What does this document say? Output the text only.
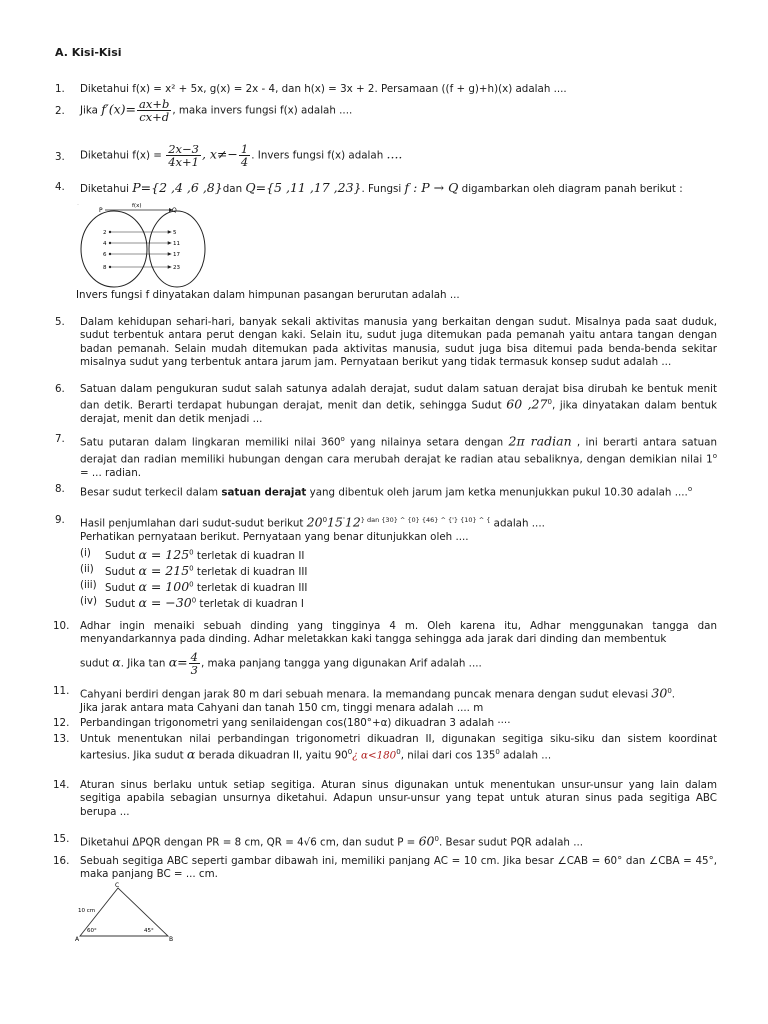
A. Kisi-Kisi
1. Diketahui f(x) = x² + 5x, g(x) = 2x - 4, dan h(x) = 3x + 2. Persamaan ((f + g)+h)(x) adalah ....
2. Jika $f'(x)= \frac{ax+b}{cx+d}$ , maka invers fungsi f(x) adalah ....
3. Diketahui $f(x) = \frac{2x-3}{4x+1}$ , $x\ne- \frac{1}{4}$ . Invers fungsi f(x) adalah ....
4. Diketahui P={2 ,4 ,6 ,8}dan Q={5 ,11 ,17 ,23}. Fungsi f : P → Q digambarkan oleh diagram panah berikut :
··
P
f(x)
Q
2
4
6
8
5
11
17
23
Invers fungsi f dinyatakan dalam himpunan pasangan berurutan adalah ...
5. Dalam kehidupan sehari-hari, banyak sekali aktivitas manusia yang berkaitan dengan sudut. Misalnya pada saat duduk, sudut terbentuk antara perut dengan kaki. Selain itu, sudut juga ditemukan pada pemanah yaitu antara tangan dengan badan pemanah. Selain mudah ditemukan pada aktivitas manusia, sudut juga bisa ditemui pada benda-benda sekitar misalnya sudut yang terbentuk antara jarum jam. Pernyataan berikut yang tidak termasuk konsep sudut adalah ...
6. Satuan dalam pengukuran sudut salah satunya adalah derajat, sudut dalam satuan derajat bisa dirubah ke bentuk menit dan detik. Berarti terdapat hubungan derajat, menit dan detik, sehingga Sudut 60 $,27^0$, jika dinyatakan dalam bentuk derajat, menit dan detik menjadi ...
7. Satu putaran dalam lingkaran memiliki nilai 360$^o$ yang nilainya setara dengan 2π radian , ini berarti antara satuan derajat dan radian memiliki hubungan dengan cara merubah derajat ke radian atau sebaliknya, dengan demikian nilai $1^o$ = ... radian.
8. Besar sudut terkecil dalam satuan derajat yang dibentuk oleh jarum jam ketka menunjukkan pukul 10.30 adalah ....$^o$
9. Hasil penjumlahan dari sudut-sudut berikut $20^015'12^{\} dan \{30\} \^{} \{0\} \{46\} \^{} \{'\} \{10\} \^{} \{}$ adalah ....
Perhatikan pernyataan berikut. Pernyataan yang benar ditunjukkan oleh ....
(i) Sudut $\alpha = 125^0$ terletak di kuadran II
(ii) Sudut $\alpha = 215^0$ terletak di kuadran III
(iii) Sudut $\alpha = 100^0$ terletak di kuadran III
(iv) Sudut $\alpha = -30^0$ terletak di kuadran I
10. Adhar ingin menaiki sebuah dinding yang tingginya 4 m. Oleh karena itu, Adhar menggunakan tangga dan menyandarkannya pada dinding. Adhar meletakkan kaki tangga sehingga ada jarak dari dinding dan membentuk
sudut α. Jika $\tan \alpha= \frac{4}{3}$ , maka panjang tangga yang digunakan Arif adalah ....
11. Cahyani berdiri dengan jarak 80 m dari sebuah menara. Ia memandang puncak menara dengan sudut elevasi $30^0$.
Jika jarak antara mata Cahyani dan tanah 150 cm, tinggi menara adalah .... m
12. Perbandingan trigonometri yang senilaidengan cos(180°+α) dikuadran 3 adalah ····
13. Untuk menentukan nilai perbandingan trigonometri dikuadran II, digunakan segitiga siku-siku dan sistem koordinat kartesius. Jika sudut α berada dikuadran II, yaitu $90^0¿$ $\alpha<180^0$, nilai dari $\cos 135^0$ adalah ...
14. Aturan sinus berlaku untuk setiap segitiga. Aturan sinus digunakan untuk menentukan unsur-unsur yang lain dalam segitiga apabila sebagian unsurnya diketahui. Adapun unsur-unsur yang tepat untuk aturan sinus pada segitiga ABC berupa ...
15. Diketahui ΔPQR dengan PR = 8 cm, QR = 4√6 cm, dan sudut $P = 60^0$. Besar sudut PQR adalah ...
16. Sebuah segitiga ABC seperti gambar dibawah ini, memiliki panjang AC = 10 cm. Jika besar ∠CAB = 60° dan ∠CBA = 45°, maka panjang BC = ... cm.
A	B
C
10 cm
60°	45°
